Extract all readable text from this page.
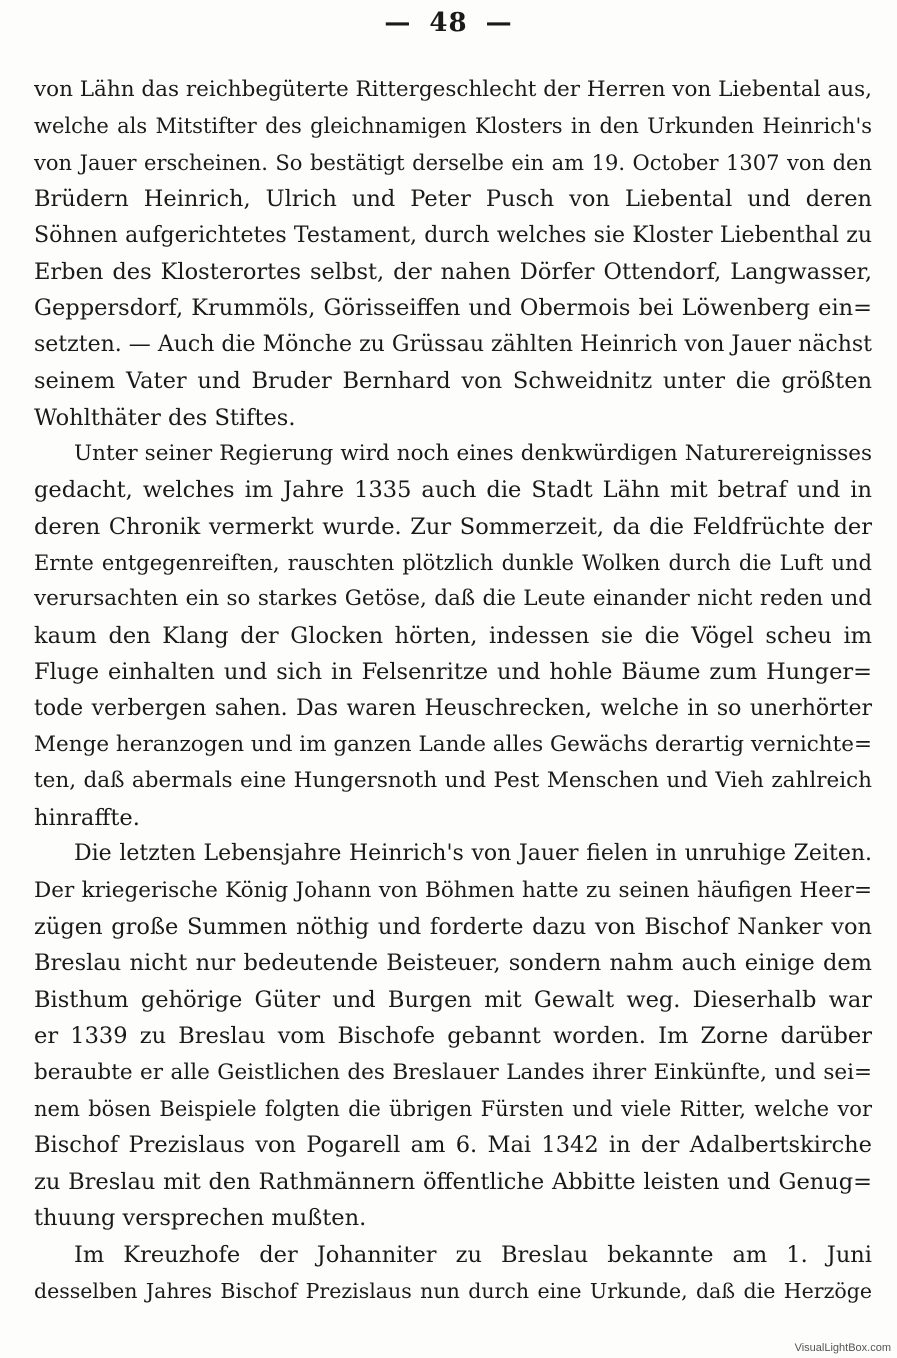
— 48 —
von Lähn das reichbegüterte Rittergeschlecht der Herren von Liebental aus,
welche als Mitstifter des gleichnamigen Klosters in den Urkunden Heinrich's
von Jauer erscheinen. So bestätigt derselbe ein am 19. October 1307 von den
Brüdern Heinrich, Ulrich und Peter Pusch von Liebental und deren
Söhnen aufgerichtetes Testament, durch welches sie Kloster Liebenthal zu
Erben des Klosterortes selbst, der nahen Dörfer Ottendorf, Langwasser,
Geppersdorf, Krummöls, Görisseiffen und Obermois bei Löwenberg ein=
setzten. — Auch die Mönche zu Grüssau zählten Heinrich von Jauer nächst
seinem Vater und Bruder Bernhard von Schweidnitz unter die größten
Wohlthäter des Stiftes.
Unter seiner Regierung wird noch eines denkwürdigen Naturereignisses
gedacht, welches im Jahre 1335 auch die Stadt Lähn mit betraf und in
deren Chronik vermerkt wurde. Zur Sommerzeit, da die Feldfrüchte der
Ernte entgegenreiften, rauschten plötzlich dunkle Wolken durch die Luft und
verursachten ein so starkes Getöse, daß die Leute einander nicht reden und
kaum den Klang der Glocken hörten, indessen sie die Vögel scheu im
Fluge einhalten und sich in Felsenritze und hohle Bäume zum Hunger=
tode verbergen sahen. Das waren Heuschrecken, welche in so unerhörter
Menge heranzogen und im ganzen Lande alles Gewächs derartig vernichte=
ten, daß abermals eine Hungersnoth und Pest Menschen und Vieh zahlreich
hinraffte.
Die letzten Lebensjahre Heinrich's von Jauer fielen in unruhige Zeiten.
Der kriegerische König Johann von Böhmen hatte zu seinen häufigen Heer=
zügen große Summen nöthig und forderte dazu von Bischof Nanker von
Breslau nicht nur bedeutende Beisteuer, sondern nahm auch einige dem
Bisthum gehörige Güter und Burgen mit Gewalt weg. Dieserhalb war
er 1339 zu Breslau vom Bischofe gebannt worden. Im Zorne darüber
beraubte er alle Geistlichen des Breslauer Landes ihrer Einkünfte, und sei=
nem bösen Beispiele folgten die übrigen Fürsten und viele Ritter, welche vor
Bischof Prezislaus von Pogarell am 6. Mai 1342 in der Adalbertskirche
zu Breslau mit den Rathmännern öffentliche Abbitte leisten und Genug=
thuung versprechen mußten.
Im Kreuzhofe der Johanniter zu Breslau bekannte am 1. Juni
desselben Jahres Bischof Prezislaus nun durch eine Urkunde, daß die Herzöge
VisualLightBox.com
